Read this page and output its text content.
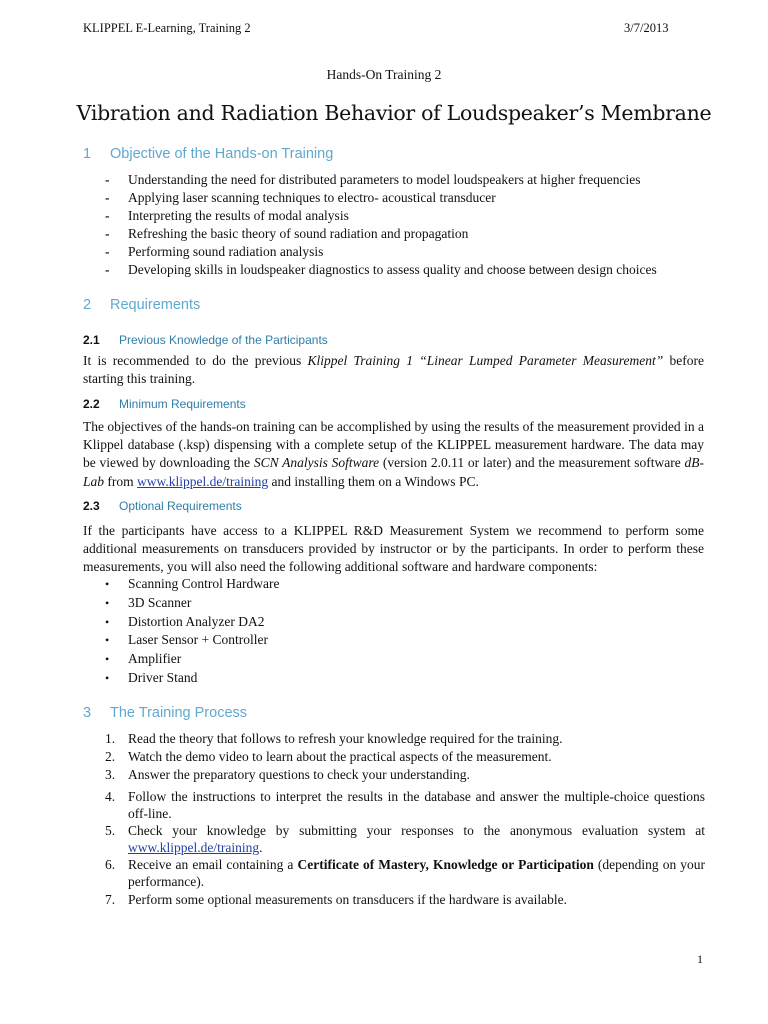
KLIPPEL E-Learning, Training 2	3/7/2013
Hands-On Training 2
Vibration and Radiation Behavior of Loudspeaker’s Membrane
1 Objective of the Hands-on Training
- Understanding the need for distributed parameters to model loudspeakers at higher frequencies
- Applying laser scanning techniques to electro- acoustical transducer
- Interpreting the results of modal analysis
- Refreshing the basic theory of sound radiation and propagation
- Performing sound radiation analysis
- Developing skills in loudspeaker diagnostics to assess quality and choose between design choices
2 Requirements
2.1 Previous Knowledge of the Participants
It is recommended to do the previous Klippel Training 1 “Linear Lumped Parameter Measurement” before starting this training.
2.2 Minimum Requirements
The objectives of the hands-on training can be accomplished by using the results of the measurement provided in a Klippel database (.ksp) dispensing with a complete setup of the KLIPPEL measurement hardware. The data may be viewed by downloading the SCN Analysis Software (version 2.0.11 or later) and the measurement software dB-Lab from www.klippel.de/training and installing them on a Windows PC.
2.3 Optional Requirements
If the participants have access to a KLIPPEL R&D Measurement System we recommend to perform some additional measurements on transducers provided by instructor or by the participants. In order to perform these measurements, you will also need the following additional software and hardware components:
• Scanning Control Hardware
• 3D Scanner
• Distortion Analyzer DA2
• Laser Sensor + Controller
• Amplifier
• Driver Stand
3 The Training Process
1. Read the theory that follows to refresh your knowledge required for the training.
2. Watch the demo video to learn about the practical aspects of the measurement.
3. Answer the preparatory questions to check your understanding.
4. Follow the instructions to interpret the results in the database and answer the multiple-choice questions off-line.
5. Check your knowledge by submitting your responses to the anonymous evaluation system at www.klippel.de/training.
6. Receive an email containing a Certificate of Mastery, Knowledge or Participation (depending on your performance).
7. Perform some optional measurements on transducers if the hardware is available.
1
